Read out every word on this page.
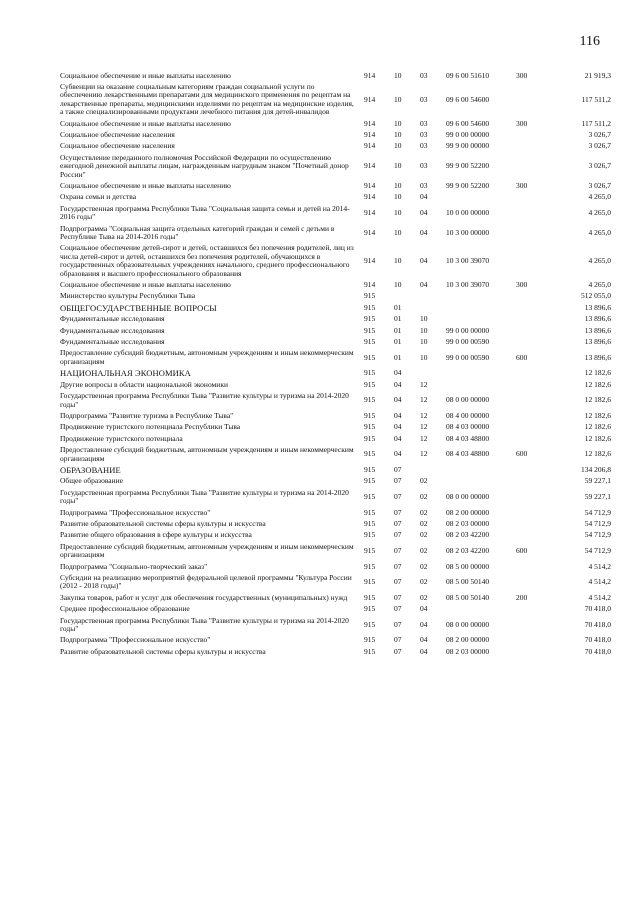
116
Социальное обеспечение и иные выплаты населению	914	10	03	09 6 00 51610	300	21 919,3
Субвенции на оказание социальным категориям граждан социальной услуги по обеспечению лекарственными препаратами для медицинского применения по рецептам на лекарственные препараты, медицинскими изделиями по рецептам на медицинские изделия, а также специализированными продуктами лечебного питания для детей-инвалидов	914	10	03	09 6 00 54600		117 511,2
Социальное обеспечение и иные выплаты населению	914	10	03	09 6 00 54600	300	117 511,2
Социальное обеспечение населения	914	10	03	99 0 00 00000		3 026,7
Социальное обеспечение населения	914	10	03	99 9 00 00000		3 026,7
Осуществление переданного полномочия Российской Федерации по осуществлению ежегодной денежной выплаты лицам, награжденным нагрудным знаком "Почетный донор России"	914	10	03	99 9 00 52200		3 026,7
Социальное обеспечение и иные выплаты населению	914	10	03	99 9 00 52200	300	3 026,7
Охрана семьи и детства	914	10	04			4 265,0
Государственная программа Республики Тыва "Социальная защита семьи и детей на 2014-2016 годы"	914	10	04	10 0 00 00000		4 265,0
Подпрограмма "Социальная защита отдельных категорий граждан и семей с детьми в Республике Тыва на 2014-2016 годы"	914	10	04	10 3 00 00000		4 265,0
Социальное обеспечение детей-сирот и детей, оставшихся без попечения родителей, лиц из числа детей-сирот и детей, оставшихся без попечения родителей, обучающихся в государственных образовательных учреждениях начального, среднего профессионального образования и высшего профессионального образования	914	10	04	10 3 00 39070		4 265,0
Социальное обеспечение и иные выплаты населению	914	10	04	10 3 00 39070	300	4 265,0
Министерство культуры Республики Тыва	915					512 055,0
ОБЩЕГОСУДАРСТВЕННЫЕ ВОПРОСЫ	915	01				13 896,6
Фундаментальные исследования	915	01	10			13 896,6
Фундаментальные исследования	915	01	10	99 0 00 00000		13 896,6
Фундаментальные исследования	915	01	10	99 0 00 00590		13 896,6
Предоставление субсидий бюджетным, автономным учреждениям и иным некоммерческим организациям	915	01	10	99 0 00 00590	600	13 896,6
НАЦИОНАЛЬНАЯ ЭКОНОМИКА	915	04				12 182,6
Другие вопросы в области национальной экономики	915	04	12			12 182,6
Государственная программа Республики Тыва "Развитие культуры и туризма на 2014-2020 годы"	915	04	12	08 0 00 00000		12 182,6
Подпрограмма "Развитие туризма в Республике Тыва"	915	04	12	08 4 00 00000		12 182,6
Продвижение туристского потенциала Республики Тыва	915	04	12	08 4 03 00000		12 182,6
Продвижение туристского потенциала	915	04	12	08 4 03 48800		12 182,6
Предоставление субсидий бюджетным, автономным учреждениям и иным некоммерческим организациям	915	04	12	08 4 03 48800	600	12 182,6
ОБРАЗОВАНИЕ	915	07				134 206,8
Общее образование	915	07	02			59 227,1
Государственная программа Республики Тыва "Развитие культуры и туризма на 2014-2020 годы"	915	07	02	08 0 00 00000		59 227,1
Подпрограмма "Профессиональное искусство"	915	07	02	08 2 00 00000		54 712,9
Развитие образовательной системы сферы культуры и искусства	915	07	02	08 2 03 00000		54 712,9
Развитие общего образования в сфере культуры и искусства	915	07	02	08 2 03 42200		54 712,9
Предоставление субсидий бюджетным, автономным учреждениям и иным некоммерческим организациям	915	07	02	08 2 03 42200	600	54 712,9
Подпрограмма "Социально-творческий заказ"	915	07	02	08 5 00 00000		4 514,2
Субсидии на реализацию мероприятий федеральной целевой программы "Культура России (2012 - 2018 годы)"	915	07	02	08 5 00 50140		4 514,2
Закупка товаров, работ и услуг для обеспечения государственных (муниципальных) нужд	915	07	02	08 5 00 50140	200	4 514,2
Среднее профессиональное образование	915	07	04			70 418,0
Государственная программа Республики Тыва "Развитие культуры и туризма на 2014-2020 годы"	915	07	04	08 0 00 00000		70 418,0
Подпрограмма "Профессиональное искусство"	915	07	04	08 2 00 00000		70 418,0
Развитие образовательной системы сферы культуры и искусства	915	07	04	08 2 03 00000		70 418,0
